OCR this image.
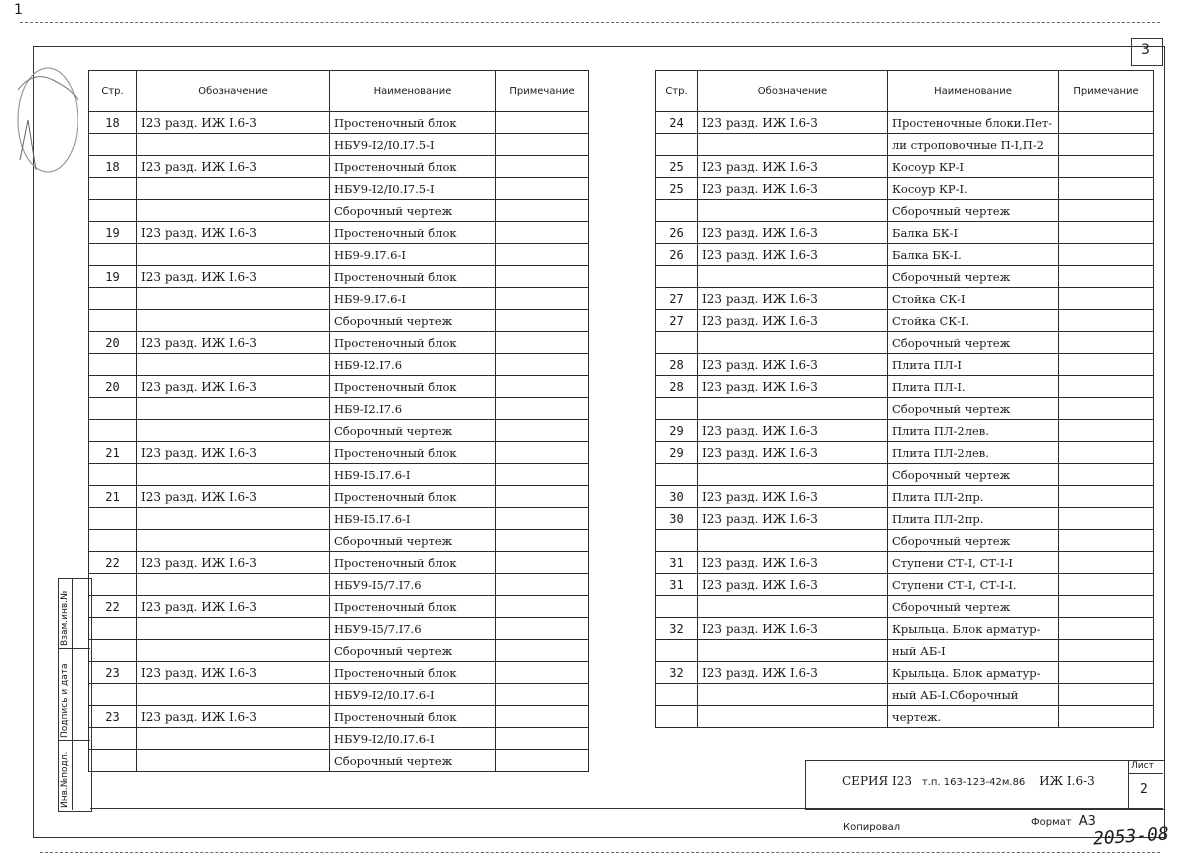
1
3
Стр.	Обозначение	Наименование	Примечание
18	I23 разд. ИЖ I.6-3	Простеночный блок	
		НБУ9-I2/I0.I7.5-I	
18	I23 разд. ИЖ I.6-3	Простеночный блок	
		НБУ9-I2/I0.I7.5-I	
		Сборочный чертеж	
19	I23 разд. ИЖ I.6-3	Простеночный блок	
		НБ9-9.I7.6-I	
19	I23 разд. ИЖ I.6-3	Простеночный блок	
		НБ9-9.I7.6-I	
		Сборочный чертеж	
20	I23 разд. ИЖ I.6-3	Простеночный блок	
		НБ9-I2.I7.6	
20	I23 разд. ИЖ I.6-3	Простеночный блок	
		НБ9-I2.I7.6	
		Сборочный чертеж	
21	I23 разд. ИЖ I.6-3	Простеночный блок	
		НБ9-I5.I7.6-I	
21	I23 разд. ИЖ I.6-3	Простеночный блок	
		НБ9-I5.I7.6-I	
		Сборочный чертеж	
22	I23 разд. ИЖ I.6-3	Простеночный блок	
		НБУ9-I5/7.I7.6	
22	I23 разд. ИЖ I.6-3	Простеночный блок	
		НБУ9-I5/7.I7.6	
		Сборочный чертеж	
23	I23 разд. ИЖ I.6-3	Простеночный блок	
		НБУ9-I2/I0.I7.6-I	
23	I23 разд. ИЖ I.6-3	Простеночный блок	
		НБУ9-I2/I0.I7.6-I	
		Сборочный чертеж	
Стр.	Обозначение	Наименование	Примечание
24	I23 разд. ИЖ I.6-3	Простеночные блоки.Пет-	
		ли строповочные П-I,П-2	
25	I23 разд. ИЖ I.6-3	Косоур КР-I	
25	I23 разд. ИЖ I.6-3	Косоур КР-I.	
		Сборочный чертеж	
26	I23 разд. ИЖ I.6-3	Балка БК-I	
26	I23 разд. ИЖ I.6-3	Балка БК-I.	
		Сборочный чертеж	
27	I23 разд. ИЖ I.6-3	Стойка СК-I	
27	I23 разд. ИЖ I.6-3	Стойка СК-I.	
		Сборочный чертеж	
28	I23 разд. ИЖ I.6-3	Плита ПЛ-I	
28	I23 разд. ИЖ I.6-3	Плита ПЛ-I.	
		Сборочный чертеж	
29	I23 разд. ИЖ I.6-3	Плита ПЛ-2лев.	
29	I23 разд. ИЖ I.6-3	Плита ПЛ-2лев.	
		Сборочный чертеж	
30	I23 разд. ИЖ I.6-3	Плита ПЛ-2пр.	
30	I23 разд. ИЖ I.6-3	Плита ПЛ-2пр.	
		Сборочный чертеж	
31	I23 разд. ИЖ I.6-3	Ступени СТ-I, СТ-I-I	
31	I23 разд. ИЖ I.6-3	Ступени СТ-I, СТ-I-I.	
		Сборочный чертеж	
32	I23 разд. ИЖ I.6-3	Крыльца. Блок арматур-	
		ный АБ-I	
32	I23 разд. ИЖ I.6-3	Крыльца. Блок арматур-	
		ный АБ-I.Сборочный	
		чертеж.	
Взам.инв.№
Подпись и дата
Инв.№подл.	СЕРИЯ I23 т.п. 163-123-42м.86 ИЖ I.6-3
Лист
2
Копировал	Формат А3
2053-08
